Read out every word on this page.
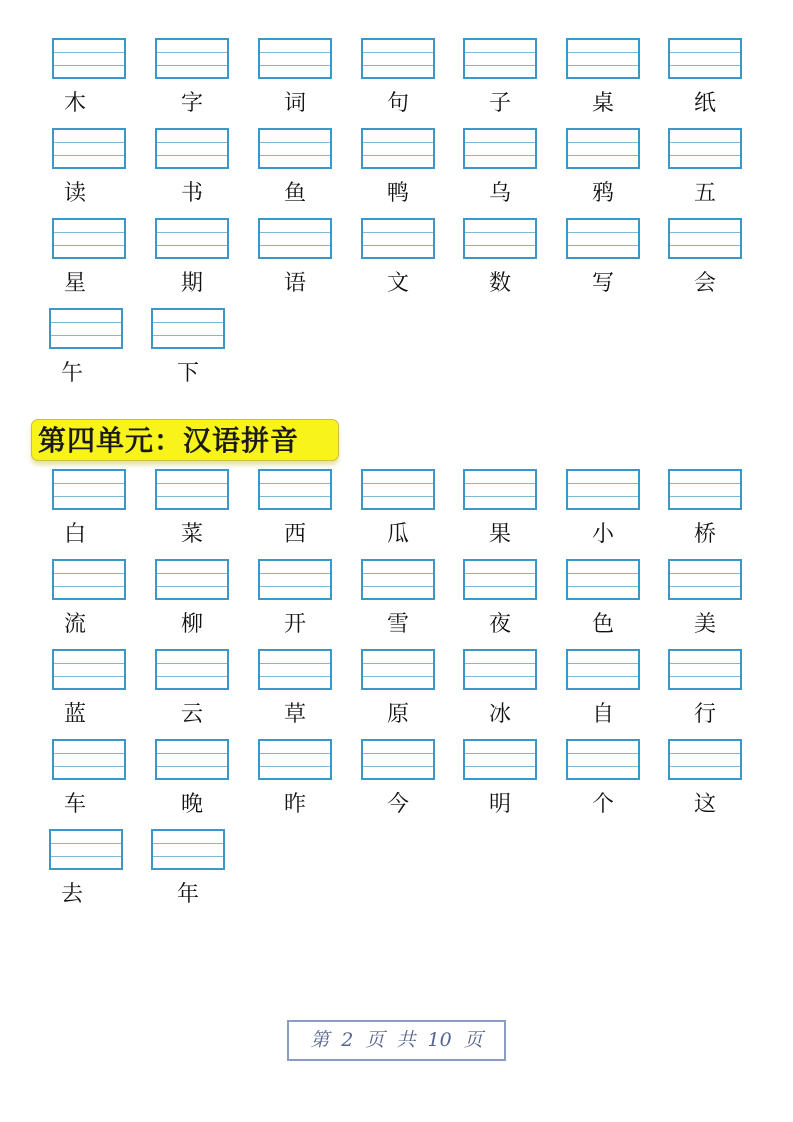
木	字	词	句	子	桌	纸
读	书	鱼	鸭	乌	鸦	五
星	期	语	文	数	写	会
午	下
白	菜	西	瓜	果	小	桥
流	柳	开	雪	夜	色	美
蓝	云	草	原	冰	自	行
车	晚	昨	今	明	个	这
去	年
第四单元：汉语拼音
第 2 页 共 10 页
